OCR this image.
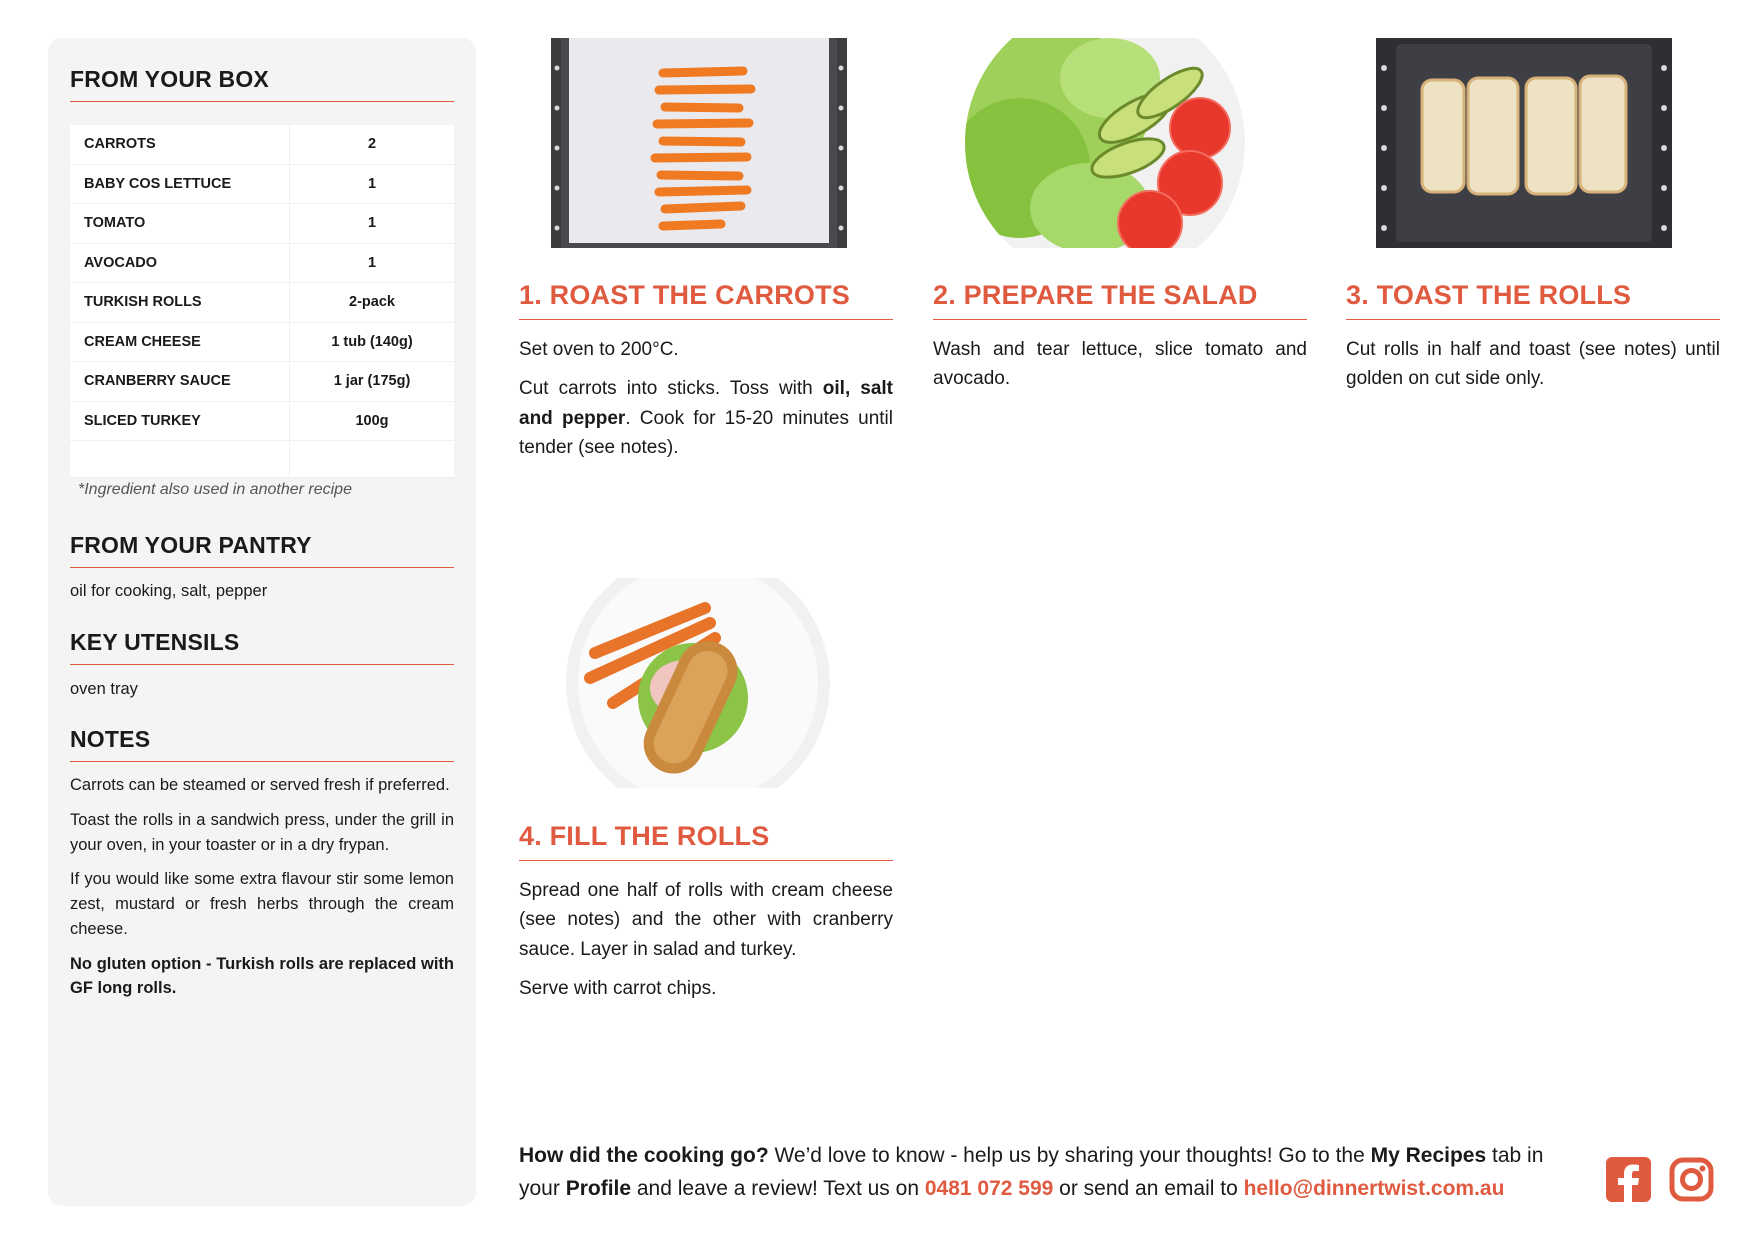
FROM YOUR BOX
CARROTS	2
BABY COS LETTUCE	1
TOMATO	1
AVOCADO	1
TURKISH ROLLS	2-pack
CREAM CHEESE	1 tub (140g)
CRANBERRY SAUCE	1 jar (175g)
SLICED TURKEY	100g

*Ingredient also used in another recipe

FROM YOUR PANTRY

oil for cooking, salt, pepper

KEY UTENSILS

oven tray

NOTES

Carrots can be steamed or served fresh if preferred.

Toast the rolls in a sandwich press, under the grill in your oven, in your toaster or in a dry frypan.

If you would like some extra flavour stir some lemon zest, mustard or fresh herbs through the cream cheese.

No gluten option - Turkish rolls are replaced with GF long rolls.

1. ROAST THE CARROTS

Set oven to 200°C.

Cut carrots into sticks. Toss with oil, salt and pepper. Cook for 15-20 minutes until tender (see notes).

2. PREPARE THE SALAD

Wash and tear lettuce, slice tomato and avocado.

3. TOAST THE ROLLS

Cut rolls in half and toast (see notes) until golden on cut side only.

4. FILL THE ROLLS

Spread one half of rolls with cream cheese (see notes) and the other with cranberry sauce. Layer in salad and turkey.

Serve with carrot chips.

How did the cooking go? We’d love to know - help us by sharing your thoughts! Go to the My Recipes tab in your Profile and leave a review! Text us on 0481 072 599 or send an email to hello@dinnertwist.com.au
